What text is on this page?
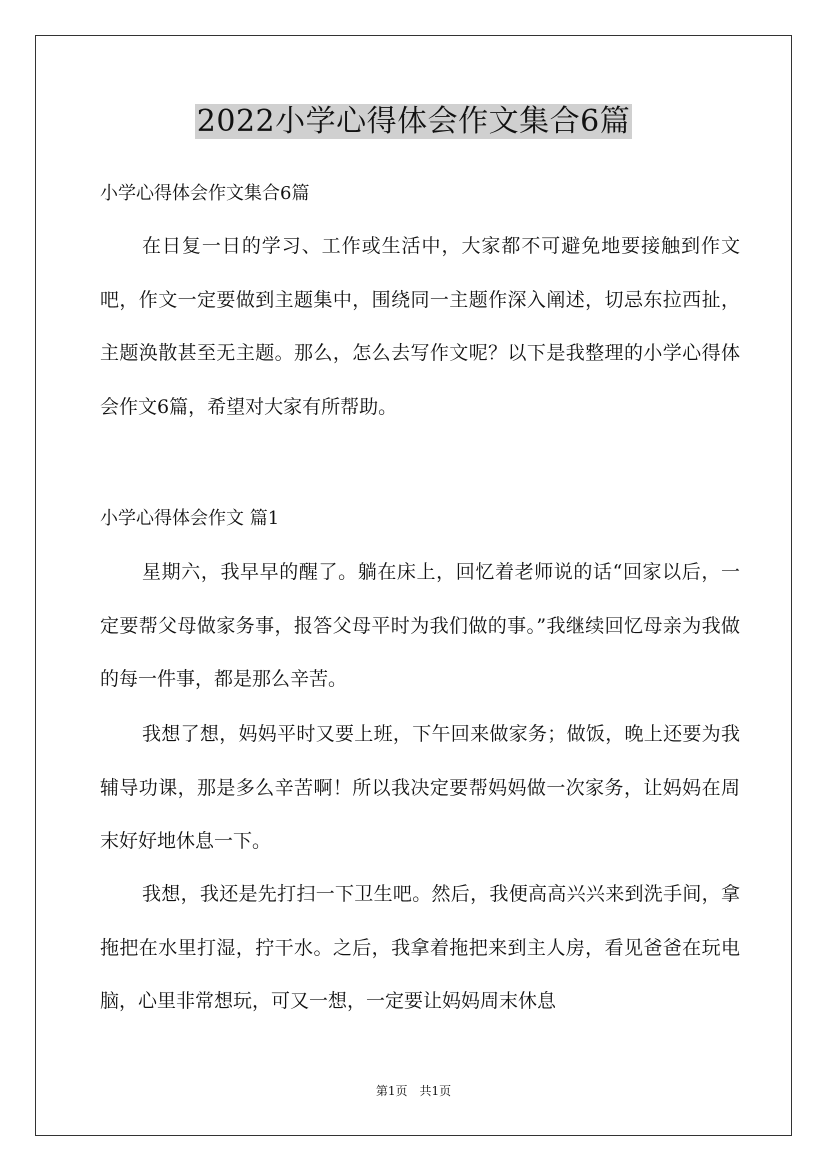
2022小学心得体会作文集合6篇
小学心得体会作文集合6篇
在日复一日的学习、工作或生活中，大家都不可避免地要接触到作文吧，作文一定要做到主题集中，围绕同一主题作深入阐述，切忌东拉西扯，主题涣散甚至无主题。那么，怎么去写作文呢？以下是我整理的小学心得体会作文6篇，希望对大家有所帮助。
小学心得体会作文 篇1
星期六，我早早的醒了。躺在床上，回忆着老师说的话“回家以后，一定要帮父母做家务事，报答父母平时为我们做的事。”我继续回忆母亲为我做的每一件事，都是那么辛苦。
我想了想，妈妈平时又要上班，下午回来做家务；做饭，晚上还要为我辅导功课，那是多么辛苦啊！所以我决定要帮妈妈做一次家务，让妈妈在周末好好地休息一下。
我想，我还是先打扫一下卫生吧。然后，我便高高兴兴来到洗手间，拿拖把在水里打湿，拧干水。之后，我拿着拖把来到主人房，看见爸爸在玩电脑，心里非常想玩，可又一想，一定要让妈妈周末休息
第1页 共1页
